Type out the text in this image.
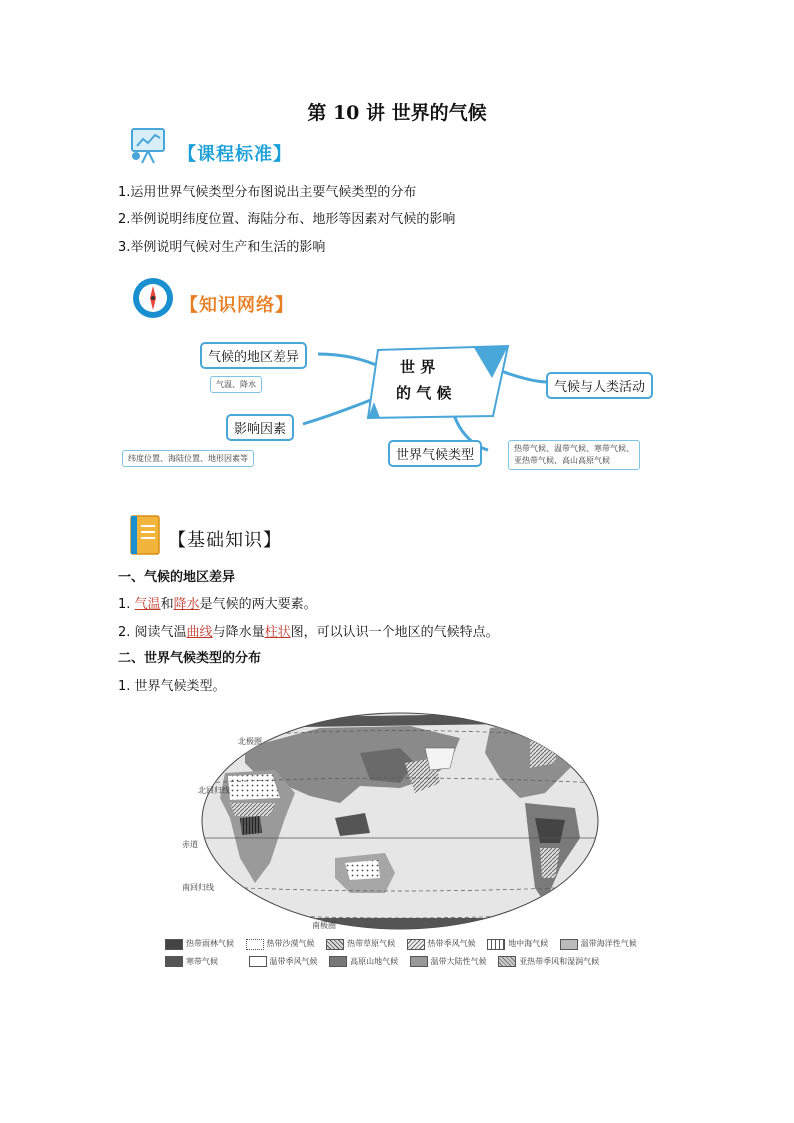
第 10 讲 世界的气候
【课程标准】
1.运用世界气候类型分布图说出主要气候类型的分布
2.举例说明纬度位置、海陆分布、地形等因素对气候的影响
3.举例说明气候对生产和生活的影响
【知识网络】
世 界
的 气 候
气候的地区差异
气温、降水
影响因素
纬度位置、海陆位置、地形因素等
气候与人类活动
世界气候类型	热带气候、温带气候、寒带气候、
亚热带气候、高山高原气候
【基础知识】
一、气候的地区差异
1. 气温和降水是气候的两大要素。
2. 阅读气温曲线与降水量柱状图，可以认识一个地区的气候特点。
二、世界气候类型的分布
1. 世界气候类型。
北极圈
北回归线
赤道
南回归线
南极圈
热带雨林气候	热带沙漠气候	热带草原气候	热带季风气候	地中海气候	温带海洋性气候
寒带气候	温带季风气候	高原山地气候	温带大陆性气候	亚热带季风和湿润气候
